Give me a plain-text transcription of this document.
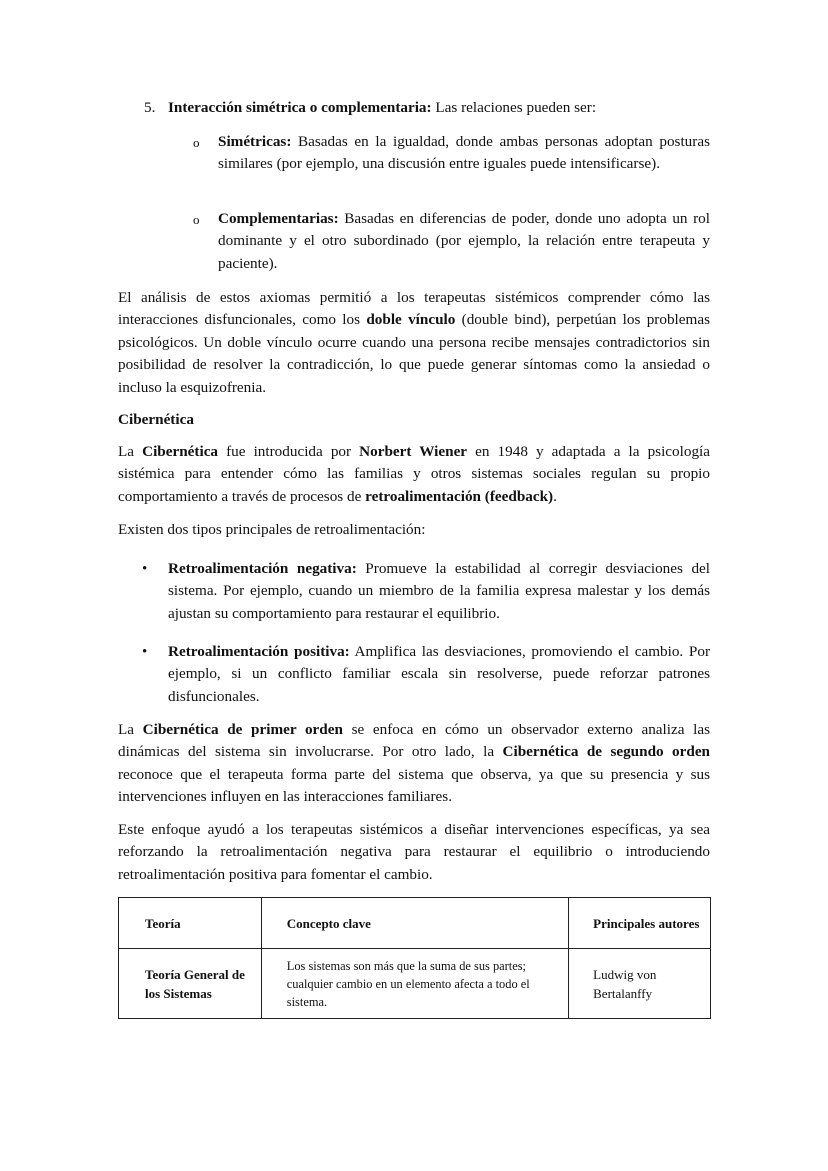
5. Interacción simétrica o complementaria: Las relaciones pueden ser:
o Simétricas: Basadas en la igualdad, donde ambas personas adoptan posturas similares (por ejemplo, una discusión entre iguales puede intensificarse).
o Complementarias: Basadas en diferencias de poder, donde uno adopta un rol dominante y el otro subordinado (por ejemplo, la relación entre terapeuta y paciente).

El análisis de estos axiomas permitió a los terapeutas sistémicos comprender cómo las interacciones disfuncionales, como los doble vínculo (double bind), perpetúan los problemas psicológicos. Un doble vínculo ocurre cuando una persona recibe mensajes contradictorios sin posibilidad de resolver la contradicción, lo que puede generar síntomas como la ansiedad o incluso la esquizofrenia.

Cibernética

La Cibernética fue introducida por Norbert Wiener en 1948 y adaptada a la psicología sistémica para entender cómo las familias y otros sistemas sociales regulan su propio comportamiento a través de procesos de retroalimentación (feedback).

Existen dos tipos principales de retroalimentación:

• Retroalimentación negativa: Promueve la estabilidad al corregir desviaciones del sistema. Por ejemplo, cuando un miembro de la familia expresa malestar y los demás ajustan su comportamiento para restaurar el equilibrio.
• Retroalimentación positiva: Amplifica las desviaciones, promoviendo el cambio. Por ejemplo, si un conflicto familiar escala sin resolverse, puede reforzar patrones disfuncionales.

La Cibernética de primer orden se enfoca en cómo un observador externo analiza las dinámicas del sistema sin involucrarse. Por otro lado, la Cibernética de segundo orden reconoce que el terapeuta forma parte del sistema que observa, ya que su presencia y sus intervenciones influyen en las interacciones familiares.

Este enfoque ayudó a los terapeutas sistémicos a diseñar intervenciones específicas, ya sea reforzando la retroalimentación negativa para restaurar el equilibrio o introduciendo retroalimentación positiva para fomentar el cambio.

Teoría	Concepto clave	Principales autores
Teoría General de los Sistemas	Los sistemas son más que la suma de sus partes; cualquier cambio en un elemento afecta a todo el sistema.	Ludwig von Bertalanffy
